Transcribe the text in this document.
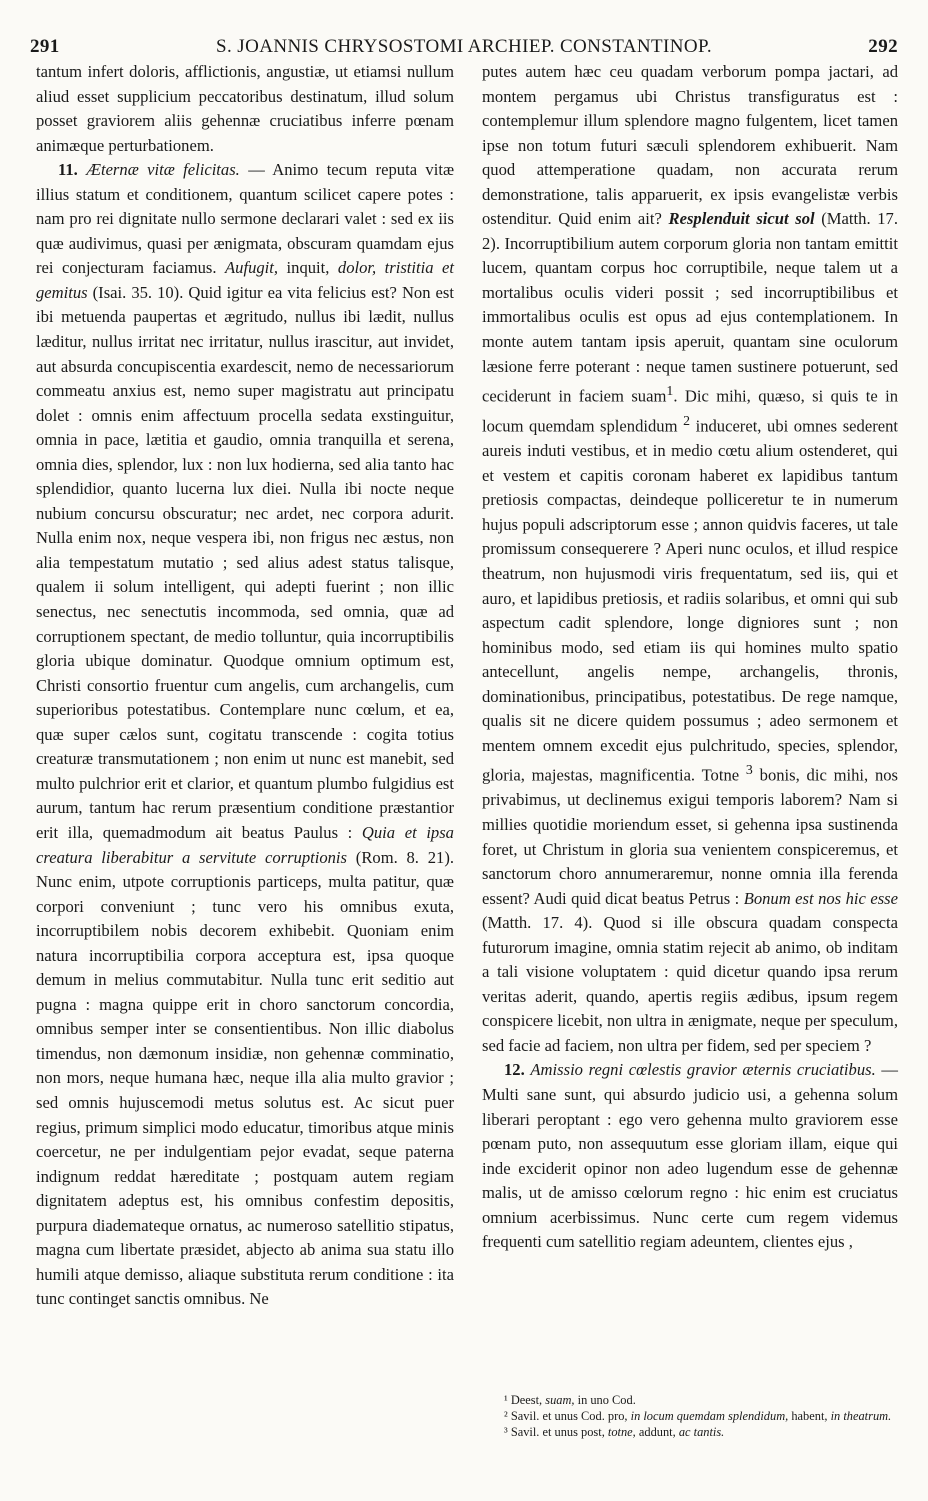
291	S. JOANNIS CHRYSOSTOMI ARCHIEP. CONSTANTINOP.	292

tantum infert doloris, afflictionis, angustiæ, ut etiamsi nullum aliud esset supplicium peccatoribus destinatum, illud solum posset graviorem aliis gehennæ cruciatibus inferre pœnam animæque perturbationem.

11. Æternæ vitæ felicitas. — Animo tecum reputa vitæ illius statum et conditionem, quantum scilicet capere potes : nam pro rei dignitate nullo sermone declarari valet : sed ex iis quæ audivimus, quasi per ænigmata, obscuram quamdam ejus rei conjecturam faciamus. Aufugit, inquit, dolor, tristitia et gemitus (Isai. 35. 10). Quid igitur ea vita felicius est? Non est ibi metuenda paupertas et ægritudo, nullus ibi lædit, nullus læditur, nullus irritat nec irritatur, nullus irascitur, aut invidet, aut absurda concupiscentia exardescit, nemo de necessariorum commeatu anxius est, nemo super magistratu aut principatu dolet : omnis enim affectuum procella sedata exstinguitur, omnia in pace, lætitia et gaudio, omnia tranquilla et serena, omnia dies, splendor, lux : non lux hodierna, sed alia tanto hac splendidior, quanto lucerna lux diei. Nulla ibi nocte neque nubium concursu obscuratur; nec ardet, nec corpora adurit. Nulla enim nox, neque vespera ibi, non frigus nec æstus, non alia tempestatum mutatio ; sed alius adest status talisque, qualem ii solum intelligent, qui adepti fuerint ; non illic senectus, nec senectutis incommoda, sed omnia, quæ ad corruptionem spectant, de medio tolluntur, quia incorruptibilis gloria ubique dominatur. Quodque omnium optimum est, Christi consortio fruentur cum angelis, cum archangelis, cum superioribus potestatibus. Contemplare nunc cœlum, et ea, quæ super cælos sunt, cogitatu transcende : cogita totius creaturæ transmutationem ; non enim ut nunc est manebit, sed multo pulchrior erit et clarior, et quantum plumbo fulgidius est aurum, tantum hac rerum præsentium conditione præstantior erit illa, quemadmodum ait beatus Paulus : Quia et ipsa creatura liberabitur a servitute corruptionis (Rom. 8. 21). Nunc enim, utpote corruptionis particeps, multa patitur, quæ corpori conveniunt ; tunc vero his omnibus exuta, incorruptibilem nobis decorem exhibebit. Quoniam enim natura incorruptibilia corpora acceptura est, ipsa quoque demum in melius commutabitur. Nulla tunc erit seditio aut pugna : magna quippe erit in choro sanctorum concordia, omnibus semper inter se consentientibus. Non illic diabolus timendus, non dæmonum insidiæ, non gehennæ comminatio, non mors, neque humana hæc, neque illa alia multo gravior ; sed omnis hujuscemodi metus solutus est. Ac sicut puer regius, primum simplici modo educatur, timoribus atque minis coercetur, ne per indulgentiam pejor evadat, seque paterna indignum reddat hæreditate ; postquam autem regiam dignitatem adeptus est, his omnibus confestim depositis, purpura diademateque ornatus, ac numeroso satellitio stipatus, magna cum libertate præsidet, abjecto ab anima sua statu illo humili atque demisso, aliaque substituta rerum conditione : ita tunc continget sanctis omnibus. Ne

putes autem hæc ceu quadam verborum pompa jactari, ad montem pergamus ubi Christus transfiguratus est : contemplemur illum splendore magno fulgentem, licet tamen ipse non totum futuri sæculi splendorem exhibuerit. Nam quod attemperatione quadam, non accurata rerum demonstratione, talis apparuerit, ex ipsis evangelistæ verbis ostenditur. Quid enim ait? Resplenduit sicut sol (Matth. 17. 2). Incorruptibilium autem corporum gloria non tantam emittit lucem, quantam corpus hoc corruptibile, neque talem ut a mortalibus oculis videri possit ; sed incorruptibilibus et immortalibus oculis est opus ad ejus contemplationem. In monte autem tantam ipsis aperuit, quantam sine oculorum læsione ferre poterant : neque tamen sustinere potuerunt, sed ceciderunt in faciem suam$^1$. Dic mihi, quæso, si quis te in locum quemdam splendidum $^2$ induceret, ubi omnes sederent aureis induti vestibus, et in medio cœtu alium ostenderet, qui et vestem et capitis coronam haberet ex lapidibus tantum pretiosis compactas, deindeque polliceretur te in numerum hujus populi adscriptorum esse ; annon quidvis faceres, ut tale promissum consequerere ? Aperi nunc oculos, et illud respice theatrum, non hujusmodi viris frequentatum, sed iis, qui et auro, et lapidibus pretiosis, et radiis solaribus, et omni qui sub aspectum cadit splendore, longe digniores sunt ; non hominibus modo, sed etiam iis qui homines multo spatio antecellunt, angelis nempe, archangelis, thronis, dominationibus, principatibus, potestatibus. De rege namque, qualis sit ne dicere quidem possumus ; adeo sermonem et mentem omnem excedit ejus pulchritudo, species, splendor, gloria, majestas, magnificentia. Totne $^3$ bonis, dic mihi, nos privabimus, ut declinemus exigui temporis laborem? Nam si millies quotidie moriendum esset, si gehenna ipsa sustinenda foret, ut Christum in gloria sua venientem conspiceremus, et sanctorum choro annumeraremur, nonne omnia illa ferenda essent? Audi quid dicat beatus Petrus : Bonum est nos hic esse (Matth. 17. 4). Quod si ille obscura quadam conspecta futurorum imagine, omnia statim rejecit ab animo, ob inditam a tali visione voluptatem : quid dicetur quando ipsa rerum veritas aderit, quando, apertis regiis ædibus, ipsum regem conspicere licebit, non ultra in ænigmate, neque per speculum, sed facie ad faciem, non ultra per fidem, sed per speciem ?

12. Amissio regni cœlestis gravior æternis cruciatibus. — Multi sane sunt, qui absurdo judicio usi, a gehenna solum liberari peroptant : ego vero gehenna multo graviorem esse pœnam puto, non assequutum esse gloriam illam, eique qui inde exciderit opinor non adeo lugendum esse de gehennæ malis, ut de amisso cœlorum regno : hic enim est cruciatus omnium acerbissimus. Nunc certe cum regem videmus frequenti cum satellitio regiam adeuntem, clientes ejus ,

¹ Deest, suam, in uno Cod.
² Savil. et unus Cod. pro, in locum quemdam splendidum, habent, in theatrum.
³ Savil. et unus post, totne, addunt, ac tantis.
